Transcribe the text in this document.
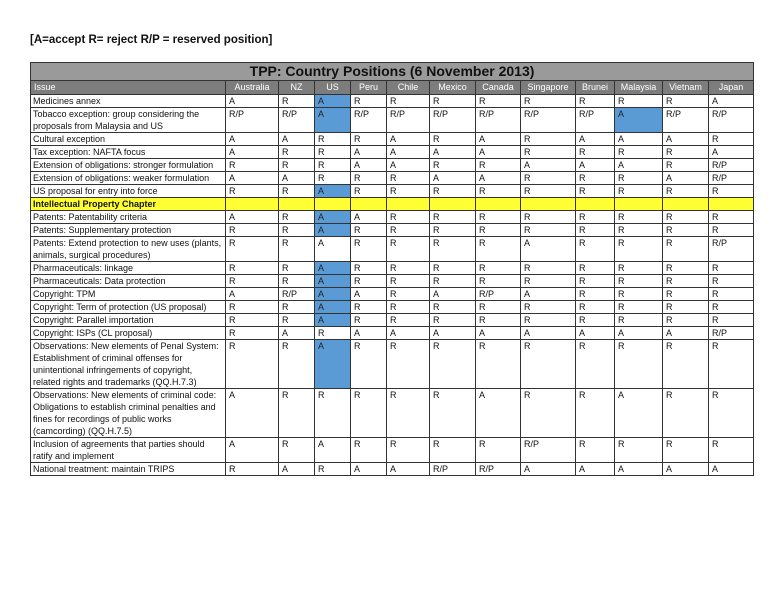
[A=accept R= reject R/P = reserved position]
TPP: Country Positions (6 November 2013)												
Issue	Australia	NZ	US	Peru	Chile	Mexico	Canada	Singapore	Brunei	Malaysia	Vietnam	Japan
Medicines annex	A	R	A	R	R	R	R	R	R	R	R	A
Tobacco exception: group considering the proposals from Malaysia and US	R/P	R/P	A	R/P	R/P	R/P	R/P	R/P	R/P	A	R/P	R/P
Cultural exception	A	A	R	R	A	R	A	R	A	A	A	R
Tax exception: NAFTA focus	A	R	R	A	A	A	A	R	R	R	R	A
Extension of obligations: stronger formulation	R	R	R	A	A	R	R	A	A	A	R	R/P
Extension of obligations: weaker formulation	A	A	R	R	R	A	A	R	R	R	A	R/P
US proposal for entry into force	R	R	A	R	R	R	R	R	R	R	R	R
Intellectual Property Chapter												
Patents: Patentability criteria	A	R	A	A	R	R	R	R	R	R	R	R
Patents: Supplementary protection	R	R	A	R	R	R	R	R	R	R	R	R
Patents: Extend protection to new uses (plants, animals, surgical procedures)	R	R	A	R	R	R	R	A	R	R	R	R/P
Pharmaceuticals: linkage	R	R	A	R	R	R	R	R	R	R	R	R
Pharmaceuticals: Data protection	R	R	A	R	R	R	R	R	R	R	R	R
Copyright: TPM	A	R/P	A	A	R	A	R/P	A	R	R	R	R
Copyright: Term of protection (US proposal)	R	R	A	R	R	R	R	R	R	R	R	R
Copyright: Parallel importation	R	R	A	R	R	R	R	R	R	R	R	R
Copyright: ISPs (CL proposal)	R	A	R	A	A	A	A	A	A	A	A	R/P
Observations: New elements of Penal System: Establishment of criminal offenses for unintentional infringements of copyright, related rights and trademarks (QQ.H.7.3)	R	R	A	R	R	R	R	R	R	R	R	R
Observations: New elements of criminal code: Obligations to establish criminal penalties and fines for recordings of public works (camcording) (QQ.H.7.5)	A	R	R	R	R	R	A	R	R	A	R	R
Inclusion of agreements that parties should ratify and implement	A	R	A	R	R	R	R	R/P	R	R	R	R
National treatment: maintain TRIPS	R	A	R	A	A	R/P	R/P	A	A	A	A	A
